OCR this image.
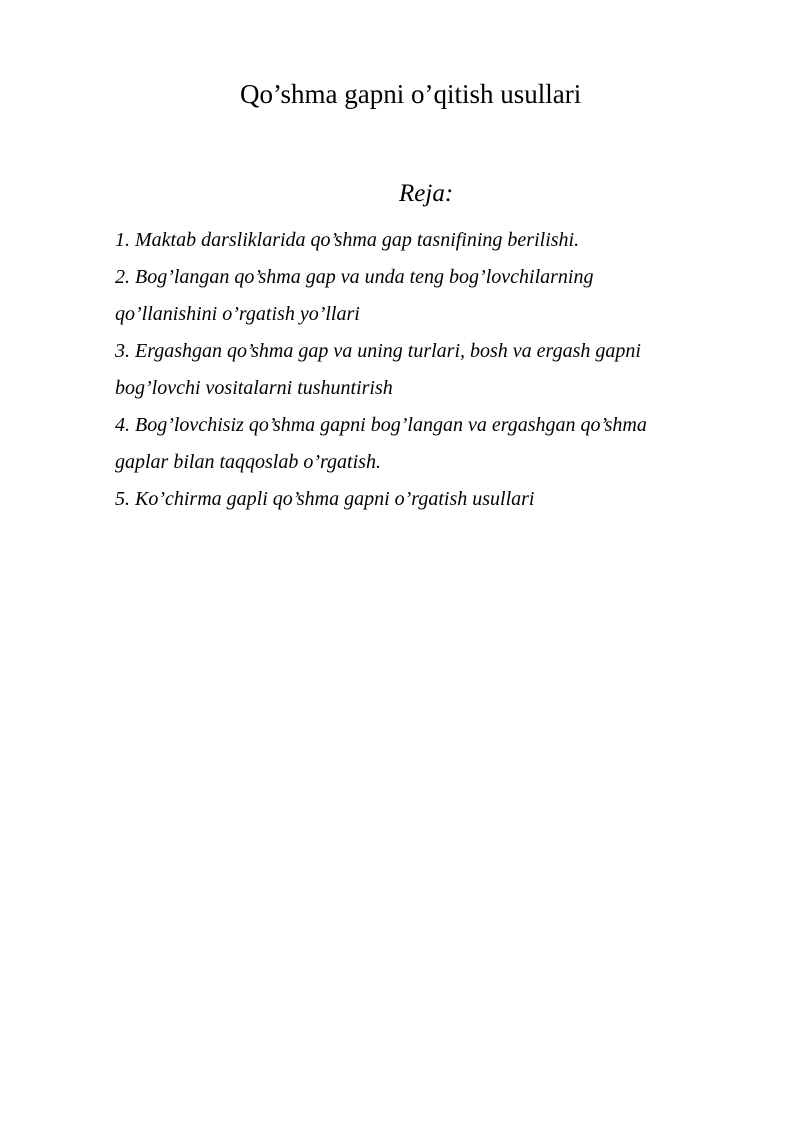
Qo’shma gapni o’qitish usullari
Reja:
1. Maktab darsliklarida qo’shma gap tasnifining berilishi.
2. Bog’langan qo’shma gap va unda teng bog’lovchilarning
qo’llanishini o’rgatish yo’llari
3. Ergashgan qo’shma gap va uning turlari, bosh va ergash gapni
bog’lovchi vositalarni tushuntirish
4. Bog’lovchisiz qo’shma gapni bog’langan va ergashgan qo’shma
gaplar bilan taqqoslab o’rgatish.
5. Ko’chirma gapli qo’shma gapni o’rgatish usullari
